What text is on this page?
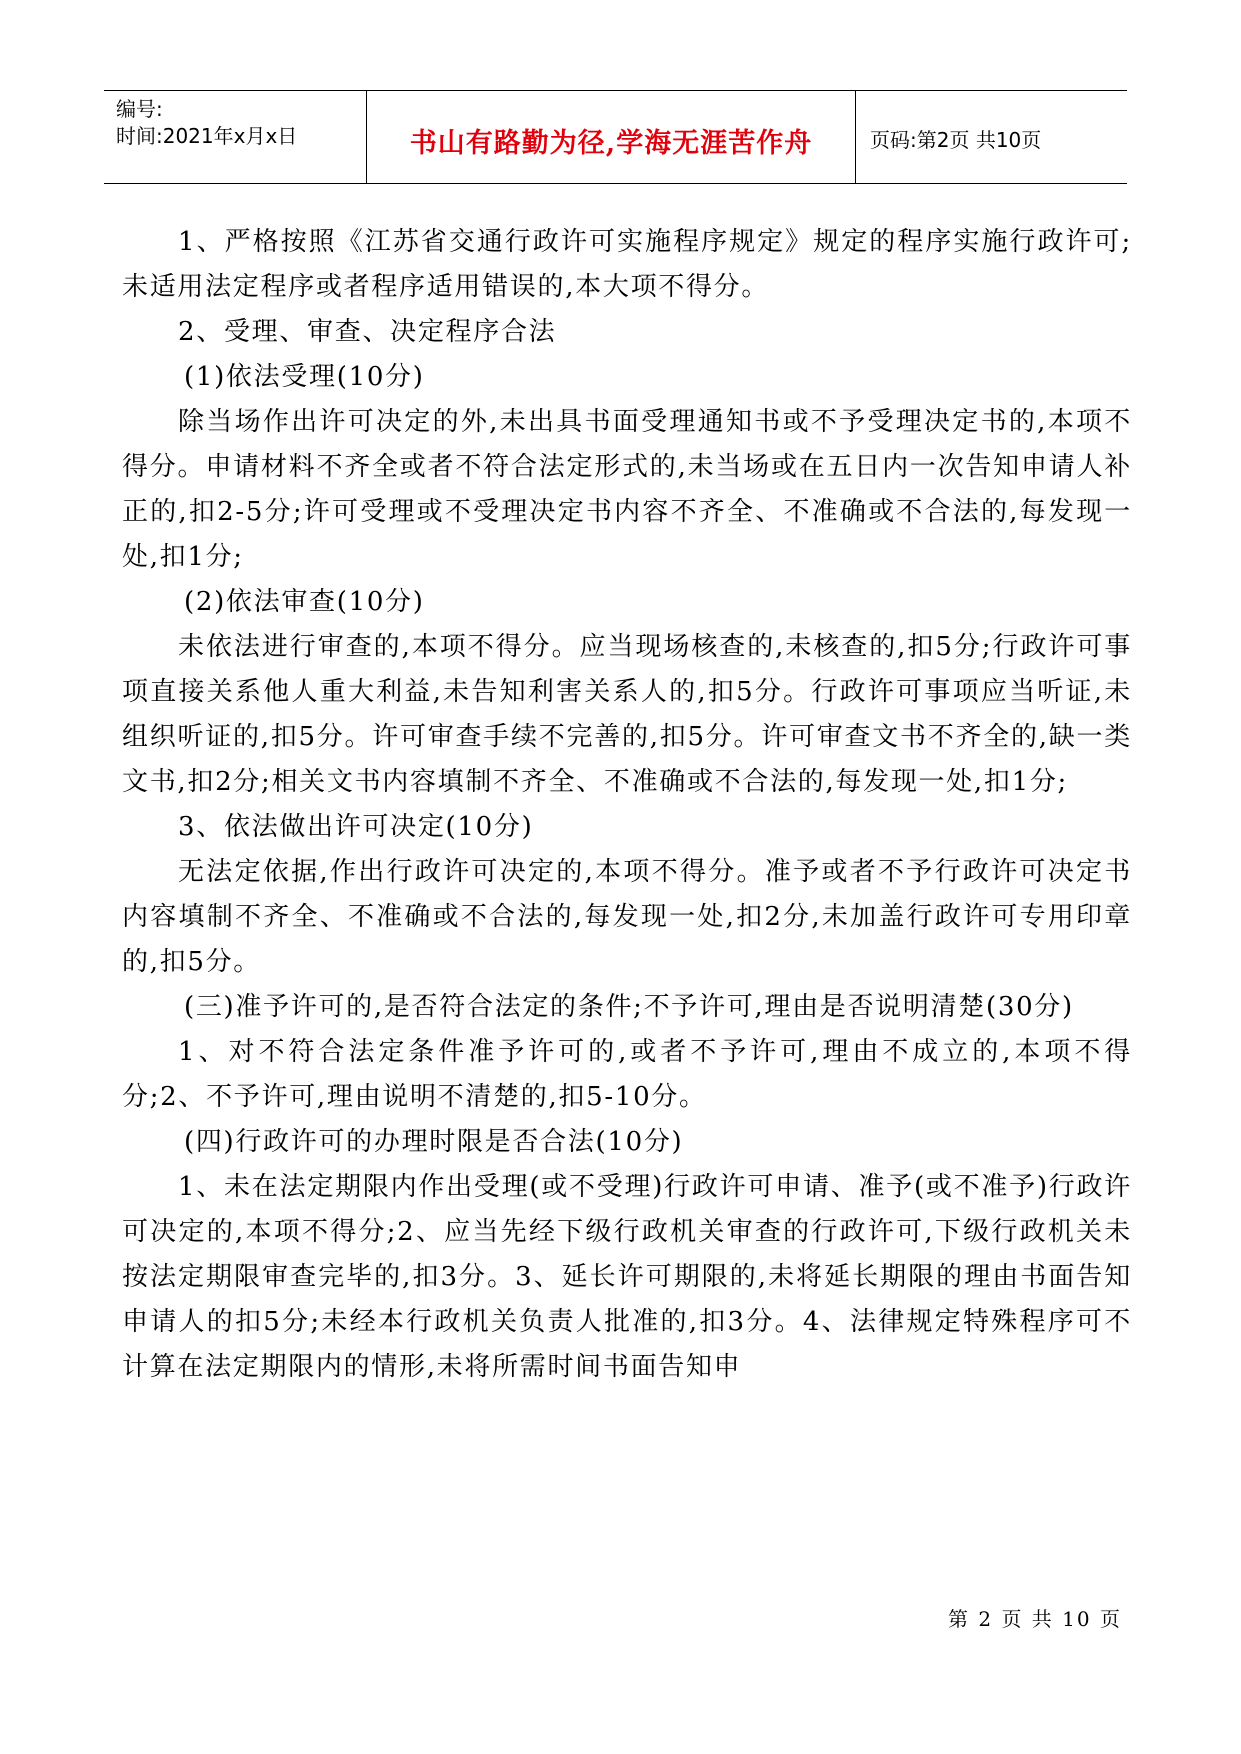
编号:
时间:2021年x月x日	书山有路勤为径,学海无涯苦作舟	页码:第2页 共10页

1、严格按照《江苏省交通行政许可实施程序规定》规定的程序实施行政许可;未适用法定程序或者程序适用错误的,本大项不得分。

2、受理、审查、决定程序合法

(1)依法受理(10分)

除当场作出许可决定的外,未出具书面受理通知书或不予受理决定书的,本项不得分。申请材料不齐全或者不符合法定形式的,未当场或在五日内一次告知申请人补正的,扣2-5分;许可受理或不受理决定书内容不齐全、不准确或不合法的,每发现一处,扣1分;

(2)依法审查(10分)

未依法进行审查的,本项不得分。应当现场核查的,未核查的,扣5分;行政许可事项直接关系他人重大利益,未告知利害关系人的,扣5分。行政许可事项应当听证,未组织听证的,扣5分。许可审查手续不完善的,扣5分。许可审查文书不齐全的,缺一类文书,扣2分;相关文书内容填制不齐全、不准确或不合法的,每发现一处,扣1分;

3、依法做出许可决定(10分)

无法定依据,作出行政许可决定的,本项不得分。准予或者不予行政许可决定书内容填制不齐全、不准确或不合法的,每发现一处,扣2分,未加盖行政许可专用印章的,扣5分。

(三)准予许可的,是否符合法定的条件;不予许可,理由是否说明清楚(30分)

1、对不符合法定条件准予许可的,或者不予许可,理由不成立的,本项不得分;2、不予许可,理由说明不清楚的,扣5-10分。

(四)行政许可的办理时限是否合法(10分)

1、未在法定期限内作出受理(或不受理)行政许可申请、准予(或不准予)行政许可决定的,本项不得分;2、应当先经下级行政机关审查的行政许可,下级行政机关未按法定期限审查完毕的,扣3分。3、延长许可期限的,未将延长期限的理由书面告知申请人的扣5分;未经本行政机关负责人批准的,扣3分。4、法律规定特殊程序可不计算在法定期限内的情形,未将所需时间书面告知申

第 2 页 共 10 页
